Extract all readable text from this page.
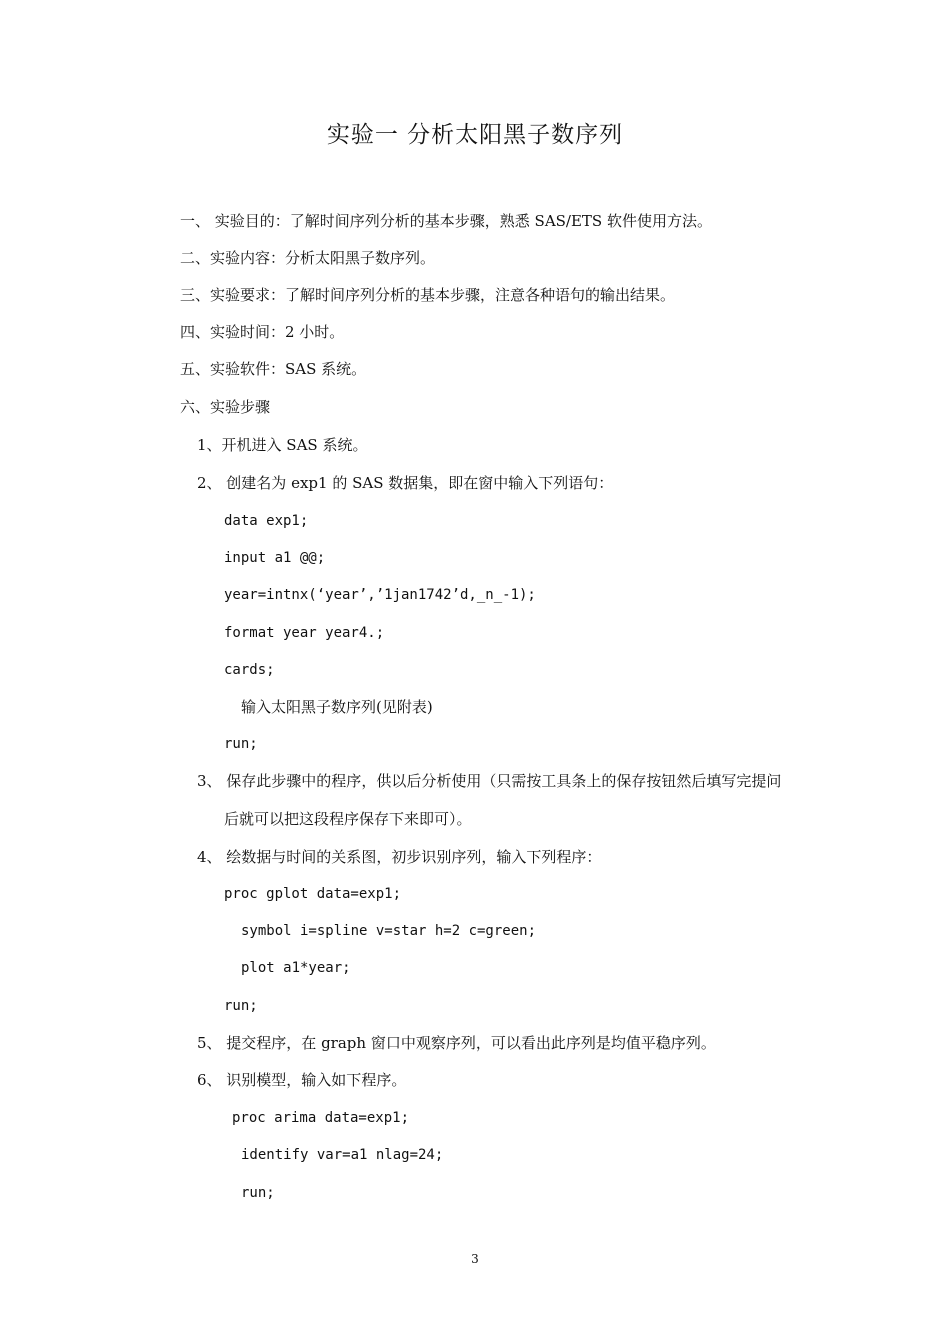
实验一 分析太阳黑子数序列
一、 实验目的：了解时间序列分析的基本步骤，熟悉 SAS/ETS 软件使用方法。
二、实验内容：分析太阳黑子数序列。
三、实验要求：了解时间序列分析的基本步骤，注意各种语句的输出结果。
四、实验时间：2 小时。
五、实验软件：SAS 系统。
六、实验步骤
1、开机进入 SAS 系统。
2、 创建名为 exp1 的 SAS 数据集，即在窗中输入下列语句：
data exp1;
input a1 @@;
year=intnx(‘year’,’1jan1742’d,_n_-1);
format year year4.;
cards;
输入太阳黑子数序列(见附表)
run;
3、 保存此步骤中的程序，供以后分析使用（只需按工具条上的保存按钮然后填写完提问
后就可以把这段程序保存下来即可）。
4、 绘数据与时间的关系图，初步识别序列，输入下列程序：
proc gplot data=exp1;
symbol i=spline v=star h=2 c=green;
plot a1*year;
run;
5、 提交程序，在 graph 窗口中观察序列，可以看出此序列是均值平稳序列。
6、 识别模型，输入如下程序。
proc arima data=exp1;
identify var=a1 nlag=24;
run;
3
